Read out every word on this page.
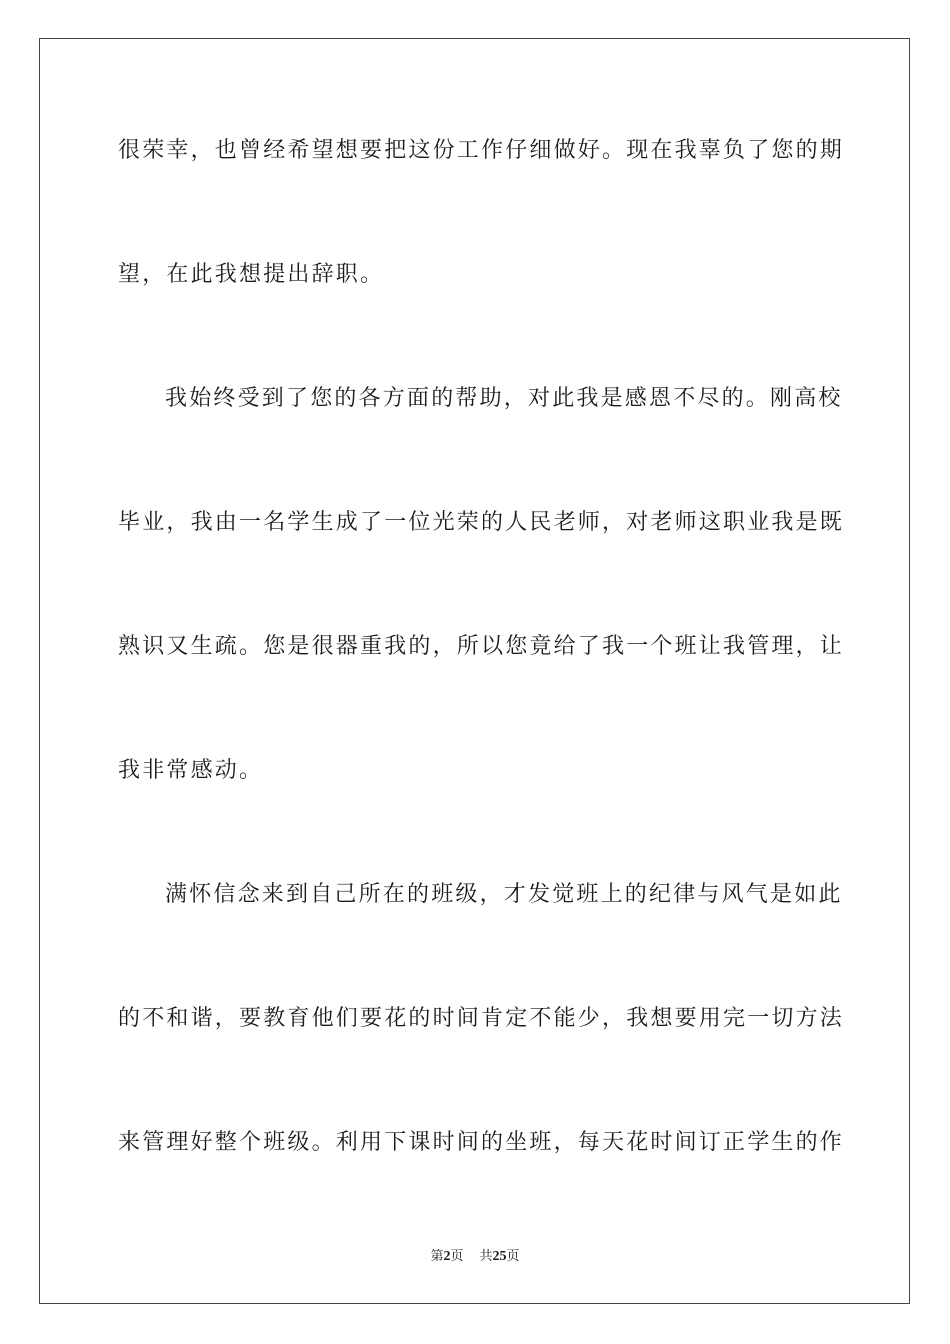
很荣幸，也曾经希望想要把这份工作仔细做好。现在我辜负了您的期
望，在此我想提出辞职。
我始终受到了您的各方面的帮助，对此我是感恩不尽的。刚高校
毕业，我由一名学生成了一位光荣的人民老师，对老师这职业我是既
熟识又生疏。您是很器重我的，所以您竟给了我一个班让我管理，让
我非常感动。
满怀信念来到自己所在的班级，才发觉班上的纪律与风气是如此
的不和谐，要教育他们要花的时间肯定不能少，我想要用完一切方法
来管理好整个班级。利用下课时间的坐班，每天花时间订正学生的作
第2页 共25页
